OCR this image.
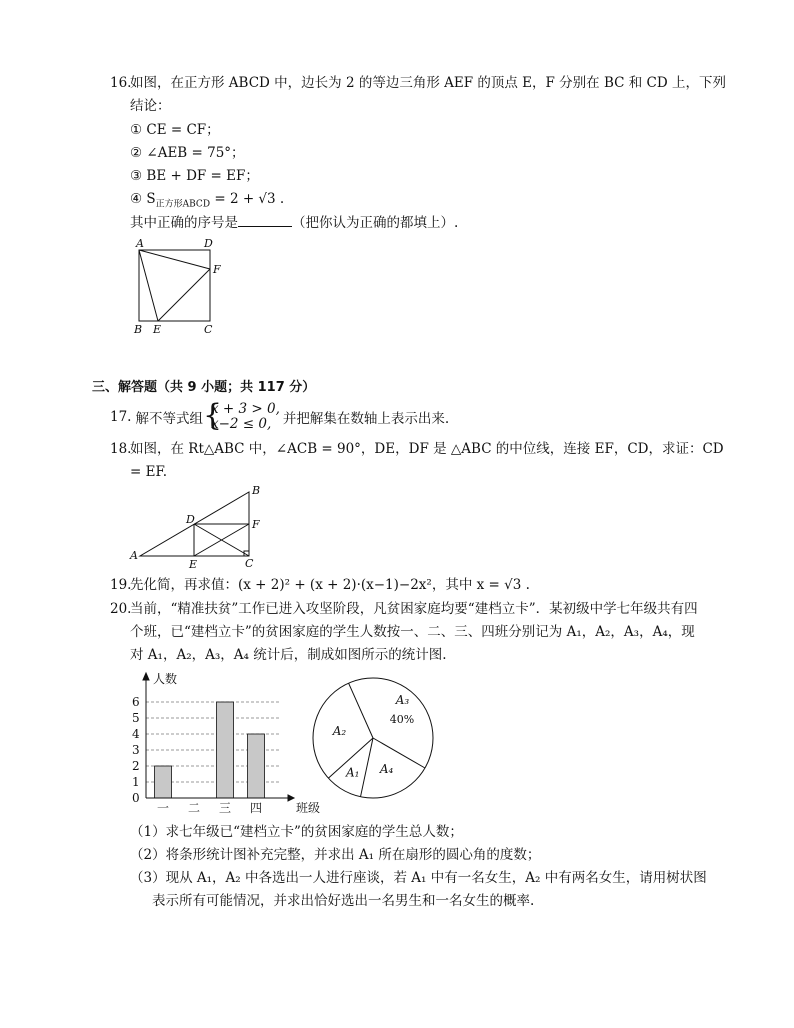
16.
如图，在正方形 ABCD 中，边长为 2 的等边三角形 AEF 的顶点 E，F 分别在 BC 和 CD 上，下列
结论：
① CE = CF；
② ∠AEB = 75°；
③ BE + DF = EF；
④ $S_{正方形ABCD} = 2 + √3$ .
其中正确的序号是	（把你认为正确的都填上）.
A	D
F
B E	C
三、解答题（共 9 小题；共 117 分）
17. 解不等式组
{ x + 3 > 0,
x−2 ≤ 0, 并把解集在数轴上表示出来.
18.
如图，在 Rt△ABC 中，∠ACB = 90°，DE，DF 是 △ABC 的中位线，连接 EF，CD，求证：CD
= EF.
A
B
C
D
E
F
19.
先化简，再求值：(x + 2)² + (x + 2)·(x−1)−2x²，其中 x = √3 .
20.
当前，“精准扶贫”工作已进入攻坚阶段，凡贫困家庭均要“建档立卡”．某初级中学七年级共有四
个班，已“建档立卡”的贫困家庭的学生人数按一、二、三、四班分别记为 A₁，A₂，A₃，A₄，现
对 A₁，A₂，A₃，A₄ 统计后，制成如图所示的统计图.
0
1
2
3
4
5
6
一 二 三 四
人数
班级
A₁
A₂
A₃
40%
A₄
（1）求七年级已“建档立卡”的贫困家庭的学生总人数；
（2）将条形统计图补充完整，并求出 A₁ 所在扇形的圆心角的度数；
（3）现从 A₁，A₂ 中各选出一人进行座谈，若 A₁ 中有一名女生，A₂ 中有两名女生，请用树状图
表示所有可能情况，并求出恰好选出一名男生和一名女生的概率.
